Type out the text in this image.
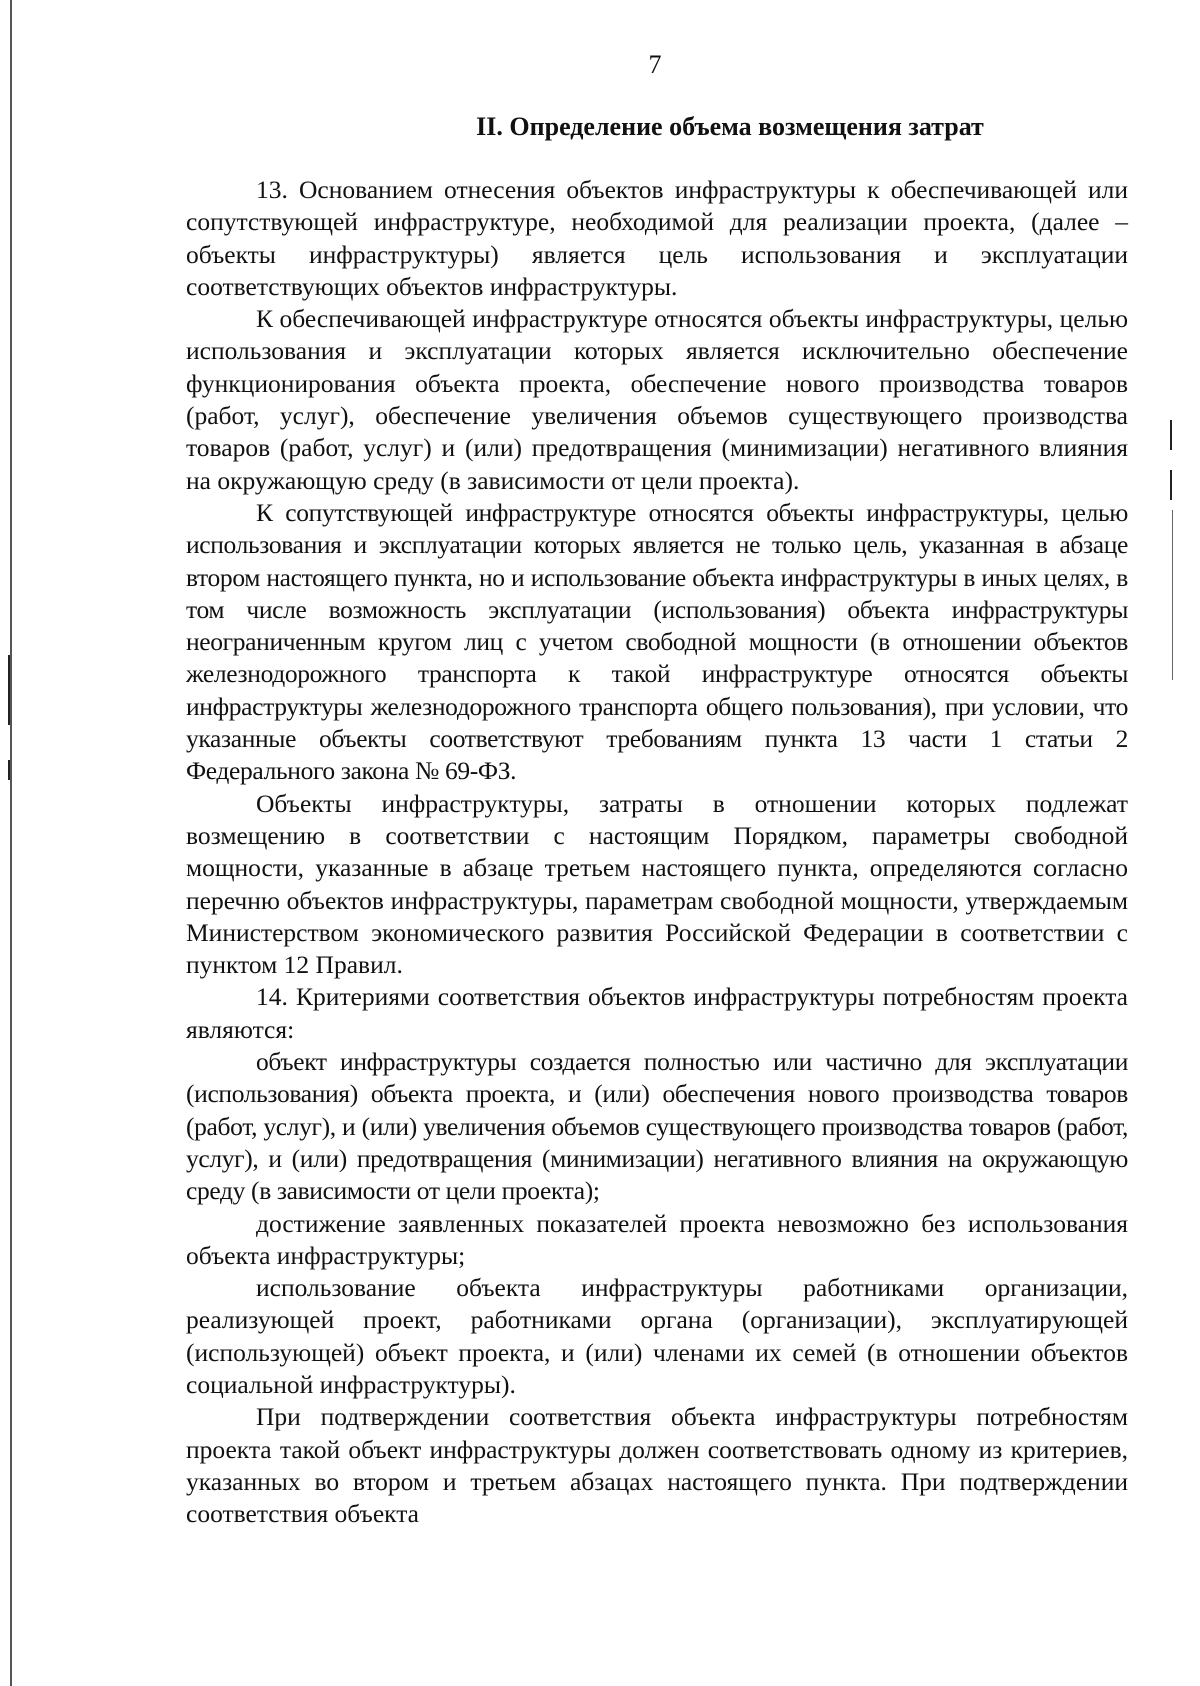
7
II. Определение объема возмещения затрат

13. Основанием отнесения объектов инфраструктуры к обеспечивающей или сопутствующей инфраструктуре, необходимой для реализации проекта, (далее – объекты инфраструктуры) является цель использования и эксплуатации соответствующих объектов инфраструктуры.

К обеспечивающей инфраструктуре относятся объекты инфраструктуры, целью использования и эксплуатации которых является исключительно обеспечение функционирования объекта проекта, обеспечение нового производства товаров (работ, услуг), обеспечение увеличения объемов существующего производства товаров (работ, услуг) и (или) предотвращения (минимизации) негативного влияния на окружающую среду (в зависимости от цели проекта).

К сопутствующей инфраструктуре относятся объекты инфраструктуры, целью использования и эксплуатации которых является не только цель, указанная в абзаце втором настоящего пункта, но и использование объекта инфраструктуры в иных целях, в том числе возможность эксплуатации (использования) объекта инфраструктуры неограниченным кругом лиц с учетом свободной мощности (в отношении объектов железнодорожного транспорта к такой инфраструктуре относятся объекты инфраструктуры железнодорожного транспорта общего пользования), при условии, что указанные объекты соответствуют требованиям пункта 13 части 1 статьи 2 Федерального закона № 69-ФЗ.

Объекты инфраструктуры, затраты в отношении которых подлежат возмещению в соответствии с настоящим Порядком, параметры свободной мощности, указанные в абзаце третьем настоящего пункта, определяются согласно перечню объектов инфраструктуры, параметрам свободной мощности, утверждаемым Министерством экономического развития Российской Федерации в соответствии с пунктом 12 Правил.

14. Критериями соответствия объектов инфраструктуры потребностям проекта являются:

объект инфраструктуры создается полностью или частично для эксплуатации (использования) объекта проекта, и (или) обеспечения нового производства товаров (работ, услуг), и (или) увеличения объемов существующего производства товаров (работ, услуг), и (или) предотвращения (минимизации) негативного влияния на окружающую среду (в зависимости от цели проекта);

достижение заявленных показателей проекта невозможно без использования объекта инфраструктуры;

использование объекта инфраструктуры работниками организации, реализующей проект, работниками органа (организации), эксплуатирующей (использующей) объект проекта, и (или) членами их семей (в отношении объектов социальной инфраструктуры).

При подтверждении соответствия объекта инфраструктуры потребностям проекта такой объект инфраструктуры должен соответствовать одному из критериев, указанных во втором и третьем абзацах настоящего пункта. При подтверждении соответствия объекта
